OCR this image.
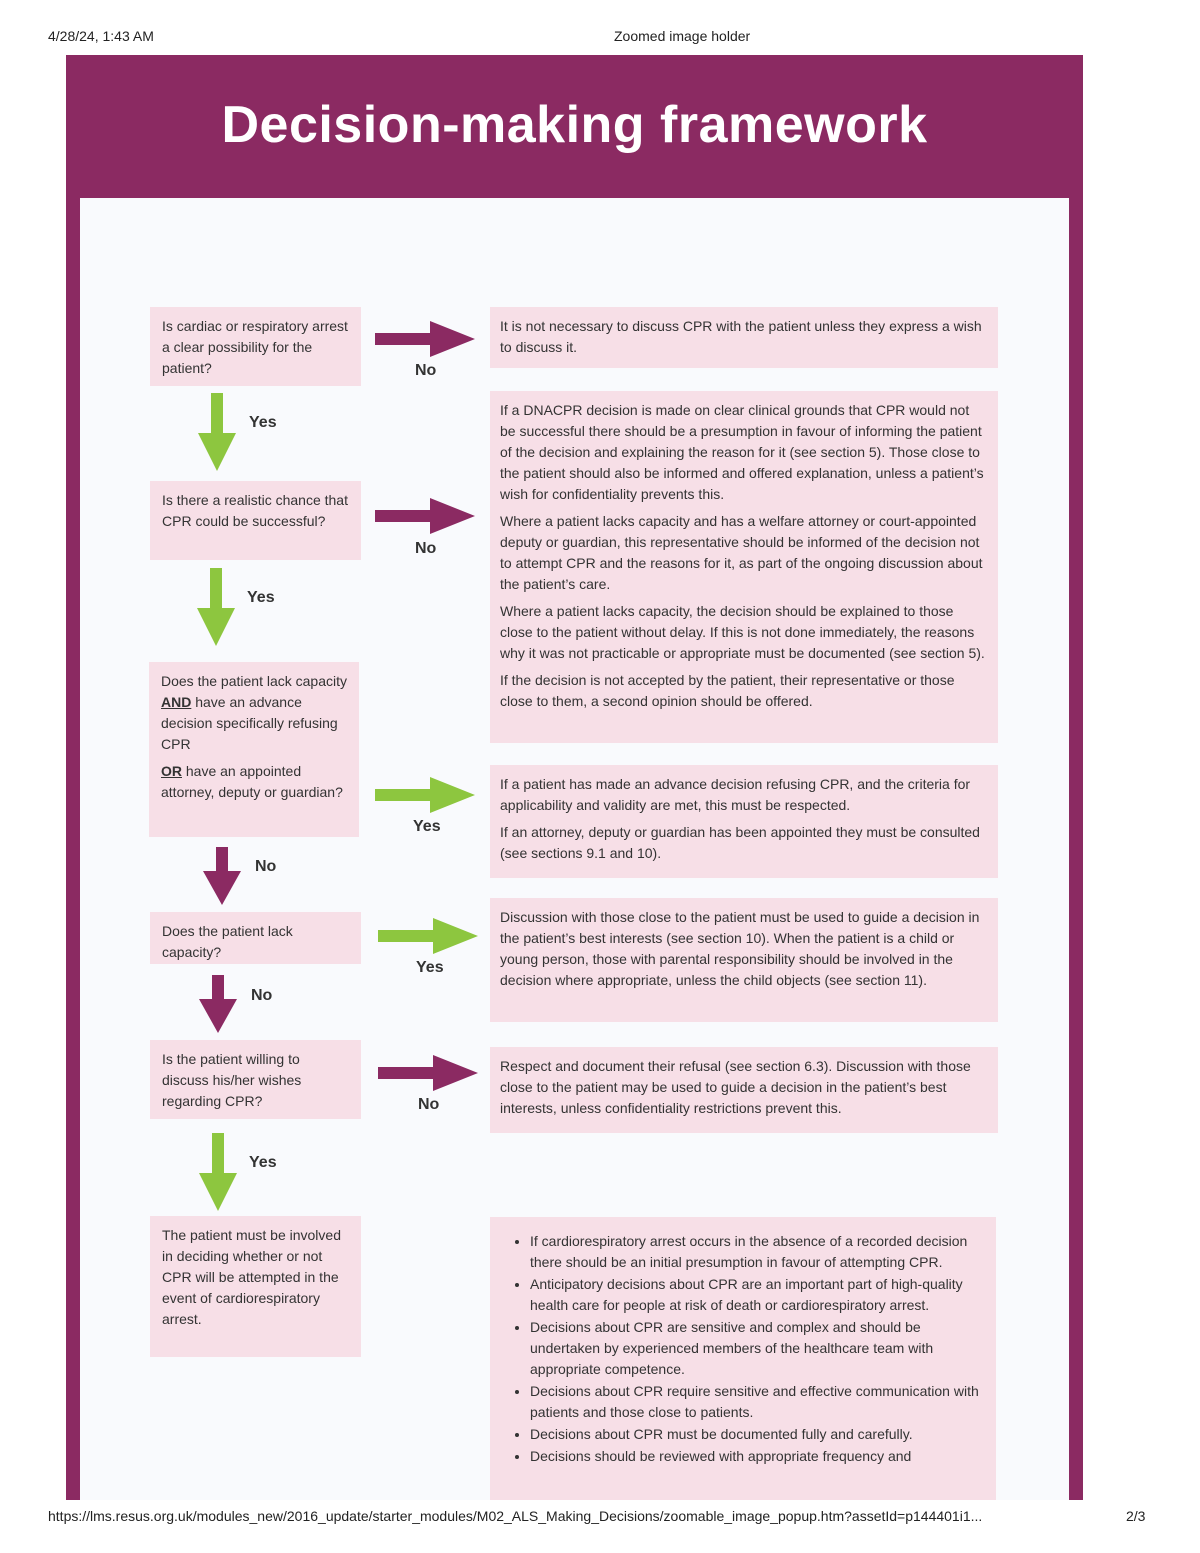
4/28/24, 1:43 AM	Zoomed image holder
Decision-making framework
Is cardiac or respiratory arrest a clear possibility for the patient?
Is there a realistic chance that CPR could be successful?
Does the patient lack capacity AND have an advance decision specifically refusing CPR
OR have an appointed attorney, deputy or guardian?
Does the patient lack capacity?
Is the patient willing to discuss his/her wishes regarding CPR?
The patient must be involved in deciding whether or not CPR will be attempted in the event of cardiorespiratory arrest.
It is not necessary to discuss CPR with the patient unless they express a wish to discuss it.

If a DNACPR decision is made on clear clinical grounds that CPR would not be successful there should be a presumption in favour of informing the patient of the decision and explaining the reason for it (see section 5). Those close to the patient should also be informed and offered explanation, unless a patient’s wish for confidentiality prevents this.

Where a patient lacks capacity and has a welfare attorney or court-appointed deputy or guardian, this representative should be informed of the decision not to attempt CPR and the reasons for it, as part of the ongoing discussion about the patient’s care.

Where a patient lacks capacity, the decision should be explained to those close to the patient without delay. If this is not done immediately, the reasons why it was not practicable or appropriate must be documented (see section 5).

If the decision is not accepted by the patient, their representative or those close to them, a second opinion should be offered.

If a patient has made an advance decision refusing CPR, and the criteria for applicability and validity are met, this must be respected.

If an attorney, deputy or guardian has been appointed they must be consulted (see sections 9.1 and 10).

Discussion with those close to the patient must be used to guide a decision in the patient’s best interests (see section 10). When the patient is a child or young person, those with parental responsibility should be involved in the decision where appropriate, unless the child objects (see section 11).
Respect and document their refusal (see section 6.3). Discussion with those close to the patient may be used to guide a decision in the patient’s best interests, unless confidentiality restrictions prevent this.
• If cardiorespiratory arrest occurs in the absence of a recorded decision there should be an initial presumption in favour of attempting CPR.
• Anticipatory decisions about CPR are an important part of high-quality health care for people at risk of death or cardiorespiratory arrest.
• Decisions about CPR are sensitive and complex and should be undertaken by experienced members of the healthcare team with appropriate competence.
• Decisions about CPR require sensitive and effective communication with patients and those close to patients.
• Decisions about CPR must be documented fully and carefully.
• Decisions should be reviewed with appropriate frequency and
No
No
Yes
Yes
No
Yes
Yes
No
No
Yes
https://lms.resus.org.uk/modules_new/2016_update/starter_modules/M02_ALS_Making_Decisions/zoomable_image_popup.htm?assetId=p144401i1...	2/3
